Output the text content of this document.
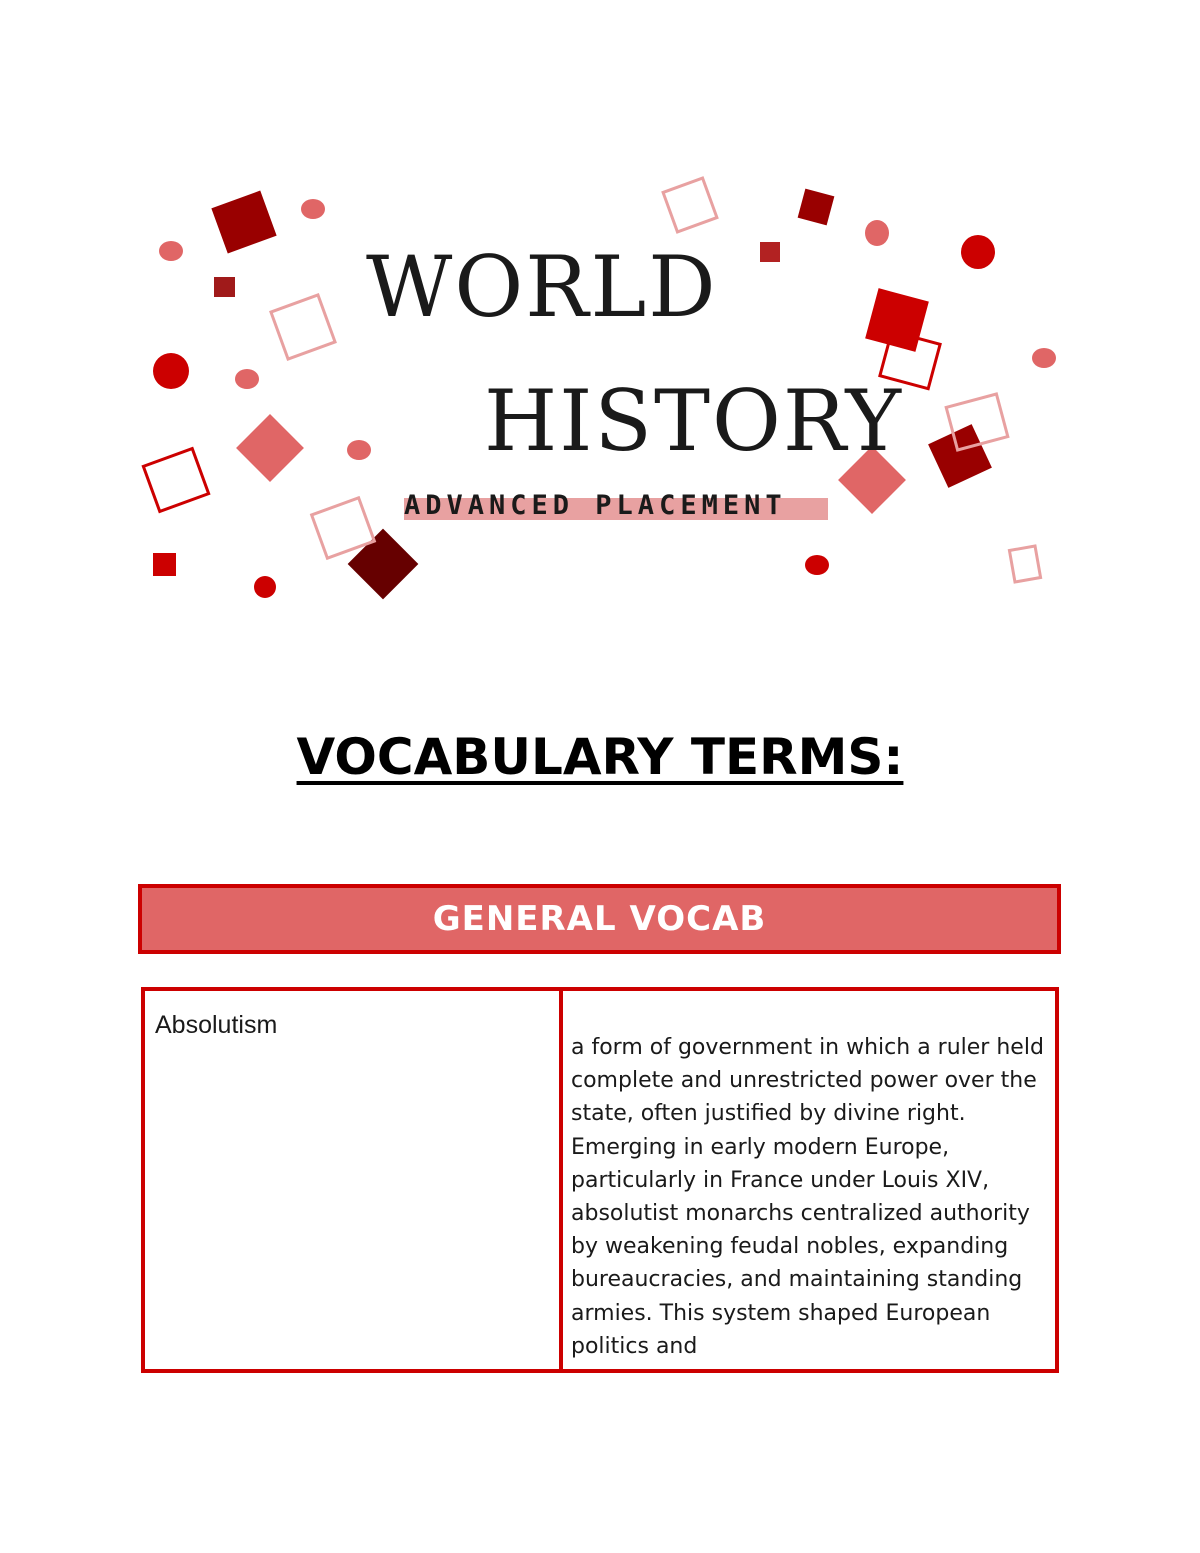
WORLD
HISTORY

ADVANCED PLACEMENT

VOCABULARY TERMS:
GENERAL VOCAB
Absolutism
a form of government in which a ruler held complete and unrestricted power over the state, often justified by divine right. Emerging in early modern Europe, particularly in France under Louis XIV, absolutist monarchs centralized authority by weakening feudal nobles, expanding bureaucracies, and maintaining standing armies. This system shaped European politics and
